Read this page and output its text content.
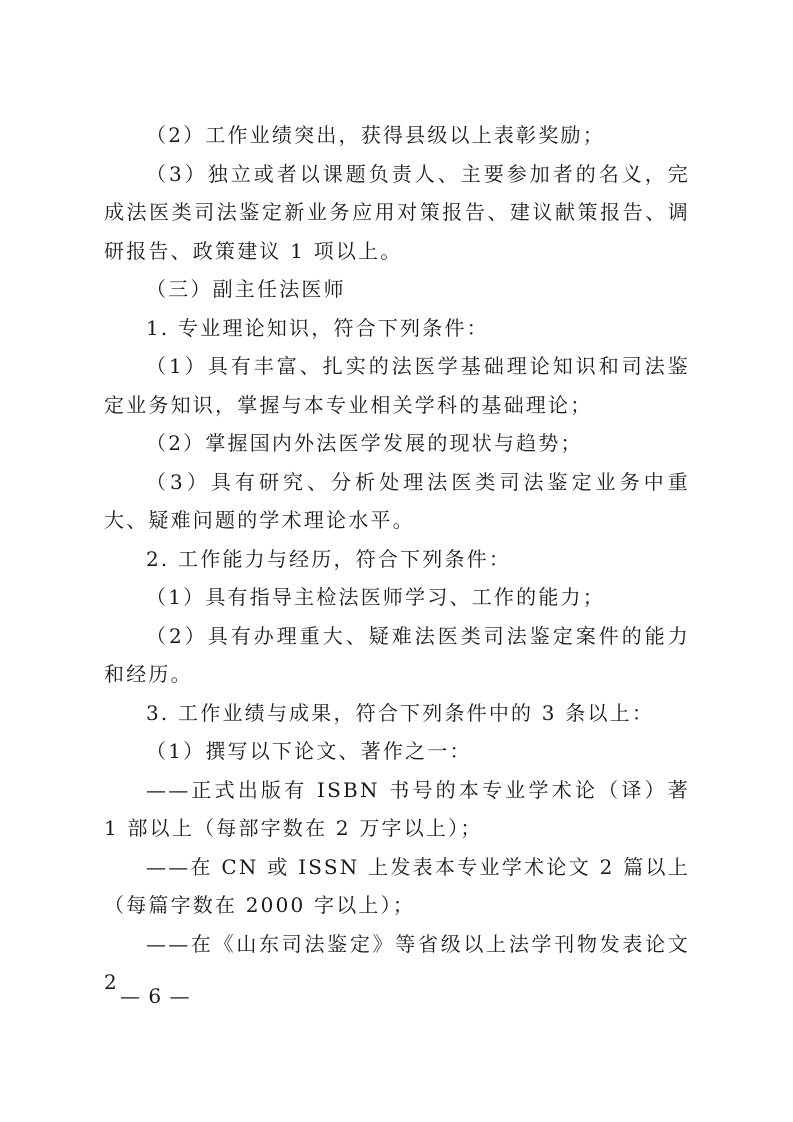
（2）工作业绩突出，获得县级以上表彰奖励；

（3）独立或者以课题负责人、主要参加者的名义，完成法医类司法鉴定新业务应用对策报告、建议献策报告、调研报告、政策建议 1 项以上。

（三）副主任法医师

1. 专业理论知识，符合下列条件：

（1）具有丰富、扎实的法医学基础理论知识和司法鉴定业务知识，掌握与本专业相关学科的基础理论；

（2）掌握国内外法医学发展的现状与趋势；

（3）具有研究、分析处理法医类司法鉴定业务中重大、疑难问题的学术理论水平。

2. 工作能力与经历，符合下列条件：

（1）具有指导主检法医师学习、工作的能力；

（2）具有办理重大、疑难法医类司法鉴定案件的能力和经历。

3. 工作业绩与成果，符合下列条件中的 3 条以上：

（1）撰写以下论文、著作之一：

——正式出版有 ISBN 书号的本专业学术论（译）著 1 部以上（每部字数在 2 万字以上）；

——在 CN 或 ISSN 上发表本专业学术论文 2 篇以上（每篇字数在 2000 字以上）；

——在《山东司法鉴定》等省级以上法学刊物发表论文 2

— 6 —
